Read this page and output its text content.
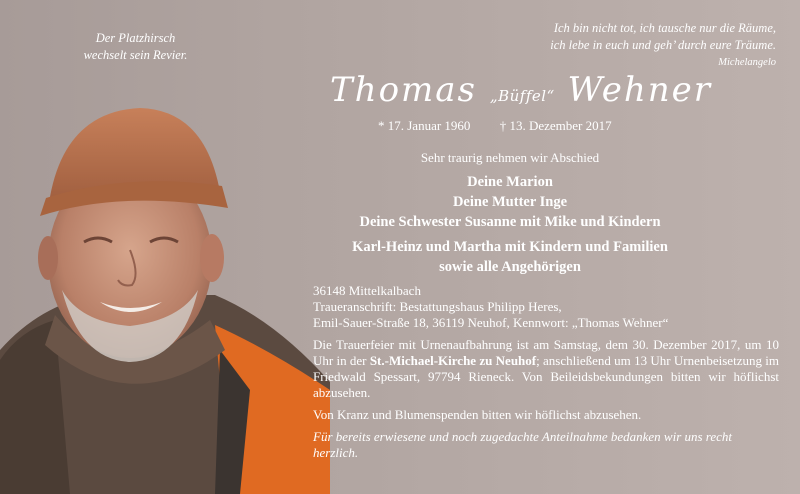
Der Platzhirsch
wechselt sein Revier.
Ich bin nicht tot, ich tausche nur die Räume,
ich lebe in euch und geh’ durch eure Träume.
Michelangelo
Thomas „Büffel“ Wehner
* 17. Januar 1960 † 13. Dezember 2017
Sehr traurig nehmen wir Abschied
Deine Marion
Deine Mutter Inge
Deine Schwester Susanne mit Mike und Kindern
Karl-Heinz und Martha mit Kindern und Familien
sowie alle Angehörigen

36148 Mittelkalbach

Traueranschrift: Bestattungshaus Philipp Heres,

Emil-Sauer-Straße 18, 36119 Neuhof, Kennwort: „Thomas Wehner“

Die Trauerfeier mit Urnenaufbahrung ist am Samstag, dem 30. Dezember 2017, um 10 Uhr in der St.-Michael-Kirche zu Neuhof; anschließend um 13 Uhr Urnenbeisetzung im Friedwald Spessart, 97794 Rieneck. Von Beileidsbekundungen bitten wir höflichst abzusehen.

Von Kranz und Blumenspenden bitten wir höflichst abzusehen.

Für bereits erwiesene und noch zugedachte Anteilnahme bedanken wir uns recht herzlich.
